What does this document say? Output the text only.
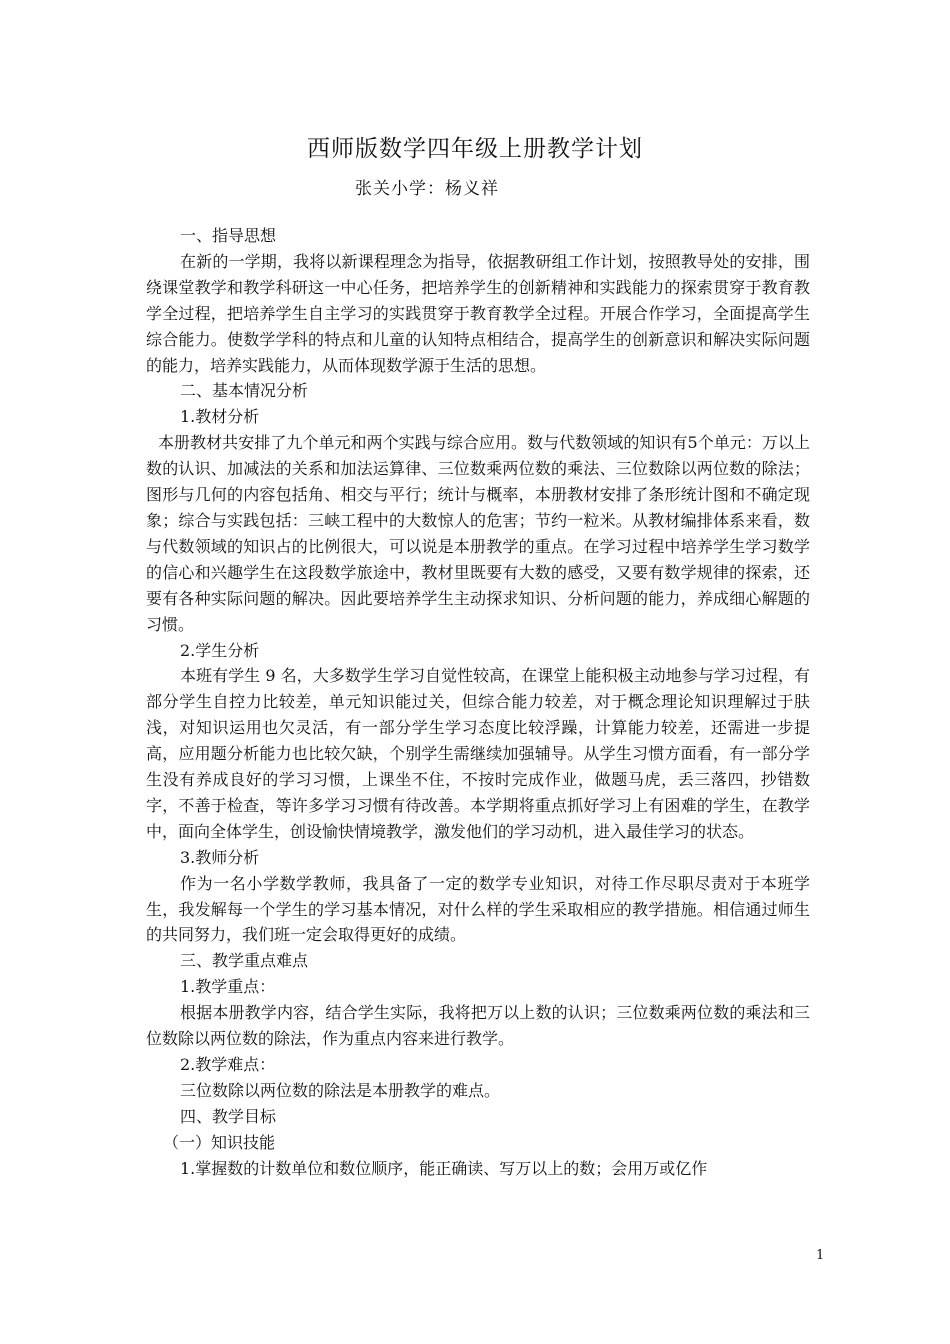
西师版数学四年级上册教学计划
张关小学：杨义祥

一、指导思想

在新的一学期，我将以新课程理念为指导，依据教研组工作计划，按照教导处的安排，围绕课堂教学和教学科研这一中心任务，把培养学生的创新精神和实践能力的探索贯穿于教育教学全过程，把培养学生自主学习的实践贯穿于教育教学全过程。开展合作学习，全面提高学生综合能力。使数学学科的特点和儿童的认知特点相结合，提高学生的创新意识和解决实际问题的能力，培养实践能力，从而体现数学源于生活的思想。

二、基本情况分析

1.教材分析

本册教材共安排了九个单元和两个实践与综合应用。数与代数领域的知识有5个单元：万以上数的认识、加减法的关系和加法运算律、三位数乘两位数的乘法、三位数除以两位数的除法；图形与几何的内容包括角、相交与平行；统计与概率，本册教材安排了条形统计图和不确定现象；综合与实践包括：三峡工程中的大数惊人的危害；节约一粒米。从教材编排体系来看，数与代数领域的知识占的比例很大，可以说是本册教学的重点。在学习过程中培养学生学习数学的信心和兴趣学生在这段数学旅途中，教材里既要有大数的感受，又要有数学规律的探索，还要有各种实际问题的解决。因此要培养学生主动探求知识、分析问题的能力，养成细心解题的习惯。

2.学生分析

本班有学生 9 名，大多数学生学习自觉性较高，在课堂上能积极主动地参与学习过程，有部分学生自控力比较差，单元知识能过关，但综合能力较差，对于概念理论知识理解过于肤浅，对知识运用也欠灵活，有一部分学生学习态度比较浮躁，计算能力较差，还需进一步提高，应用题分析能力也比较欠缺，个别学生需继续加强辅导。从学生习惯方面看，有一部分学生没有养成良好的学习习惯，上课坐不住，不按时完成作业，做题马虎，丢三落四，抄错数字，不善于检查，等许多学习习惯有待改善。本学期将重点抓好学习上有困难的学生，在教学中，面向全体学生，创设愉快情境教学，激发他们的学习动机，进入最佳学习的状态。

3.教师分析

作为一名小学数学教师，我具备了一定的数学专业知识，对待工作尽职尽责对于本班学生，我发解每一个学生的学习基本情况，对什么样的学生采取相应的教学措施。相信通过师生的共同努力，我们班一定会取得更好的成绩。

三、教学重点难点

1.教学重点：

根据本册教学内容，结合学生实际，我将把万以上数的认识；三位数乘两位数的乘法和三位数除以两位数的除法，作为重点内容来进行教学。

2.教学难点：

三位数除以两位数的除法是本册教学的难点。

四、教学目标

（一）知识技能

1.掌握数的计数单位和数位顺序，能正确读、写万以上的数；会用万或亿作

1
